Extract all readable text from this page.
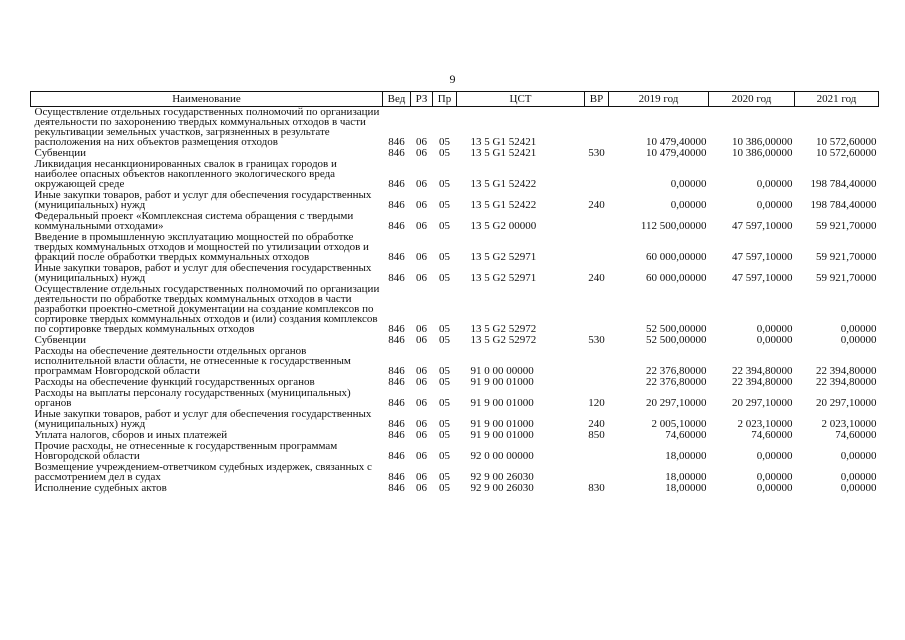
9
Наименование	Вед	РЗ	Пр	ЦСТ	ВР	2019 год	2020 год	2021 год
Осуществление отдельных государственных полномочий по организации деятельности по захоронению твердых коммунальных отходов в части рекультивации земельных участков, загрязненных в результате расположения на них объектов размещения отходов	846	06	05	13 5 G1 52421		10 479,40000	10 386,00000	10 572,60000
Субвенции	846	06	05	13 5 G1 52421	530	10 479,40000	10 386,00000	10 572,60000
Ликвидация несанкционированных свалок в границах городов и наиболее опасных объектов накопленного экологического вреда окружающей среде	846	06	05	13 5 G1 52422		0,00000	0,00000	198 784,40000
Иные закупки товаров, работ и услуг для обеспечения государственных (муниципальных) нужд	846	06	05	13 5 G1 52422	240	0,00000	0,00000	198 784,40000
Федеральный проект «Комплексная система обращения с твердыми коммунальными отходами»	846	06	05	13 5 G2 00000		112 500,00000	47 597,10000	59 921,70000
Введение в промышленную эксплуатацию мощностей по обработке твердых коммунальных отходов и мощностей по утилизации отходов и фракций после обработки твердых коммунальных отходов	846	06	05	13 5 G2 52971		60 000,00000	47 597,10000	59 921,70000
Иные закупки товаров, работ и услуг для обеспечения государственных (муниципальных) нужд	846	06	05	13 5 G2 52971	240	60 000,00000	47 597,10000	59 921,70000
Осуществление отдельных государственных полномочий по организации деятельности по обработке твердых коммунальных отходов в части разработки проектно-сметной документации на создание комплексов по сортировке твердых коммунальных отходов и (или) создания комплексов по сортировке твердых коммунальных отходов	846	06	05	13 5 G2 52972		52 500,00000	0,00000	0,00000
Субвенции	846	06	05	13 5 G2 52972	530	52 500,00000	0,00000	0,00000
Расходы на обеспечение деятельности отдельных органов исполнительной власти области, не отнесенные к государственным программам Новгородской области	846	06	05	91 0 00 00000		22 376,80000	22 394,80000	22 394,80000
Расходы на обеспечение функций государственных органов	846	06	05	91 9 00 01000		22 376,80000	22 394,80000	22 394,80000
Расходы на выплаты персоналу государственных (муниципальных) органов	846	06	05	91 9 00 01000	120	20 297,10000	20 297,10000	20 297,10000
Иные закупки товаров, работ и услуг для обеспечения государственных (муниципальных) нужд	846	06	05	91 9 00 01000	240	2 005,10000	2 023,10000	2 023,10000
Уплата налогов, сборов и иных платежей	846	06	05	91 9 00 01000	850	74,60000	74,60000	74,60000
Прочие расходы, не отнесенные к государственным программам Новгородской области	846	06	05	92 0 00 00000		18,00000	0,00000	0,00000
Возмещение учреждением-ответчиком судебных издержек, связанных с рассмотрением дел в судах	846	06	05	92 9 00 26030		18,00000	0,00000	0,00000
Исполнение судебных актов	846	06	05	92 9 00 26030	830	18,00000	0,00000	0,00000
